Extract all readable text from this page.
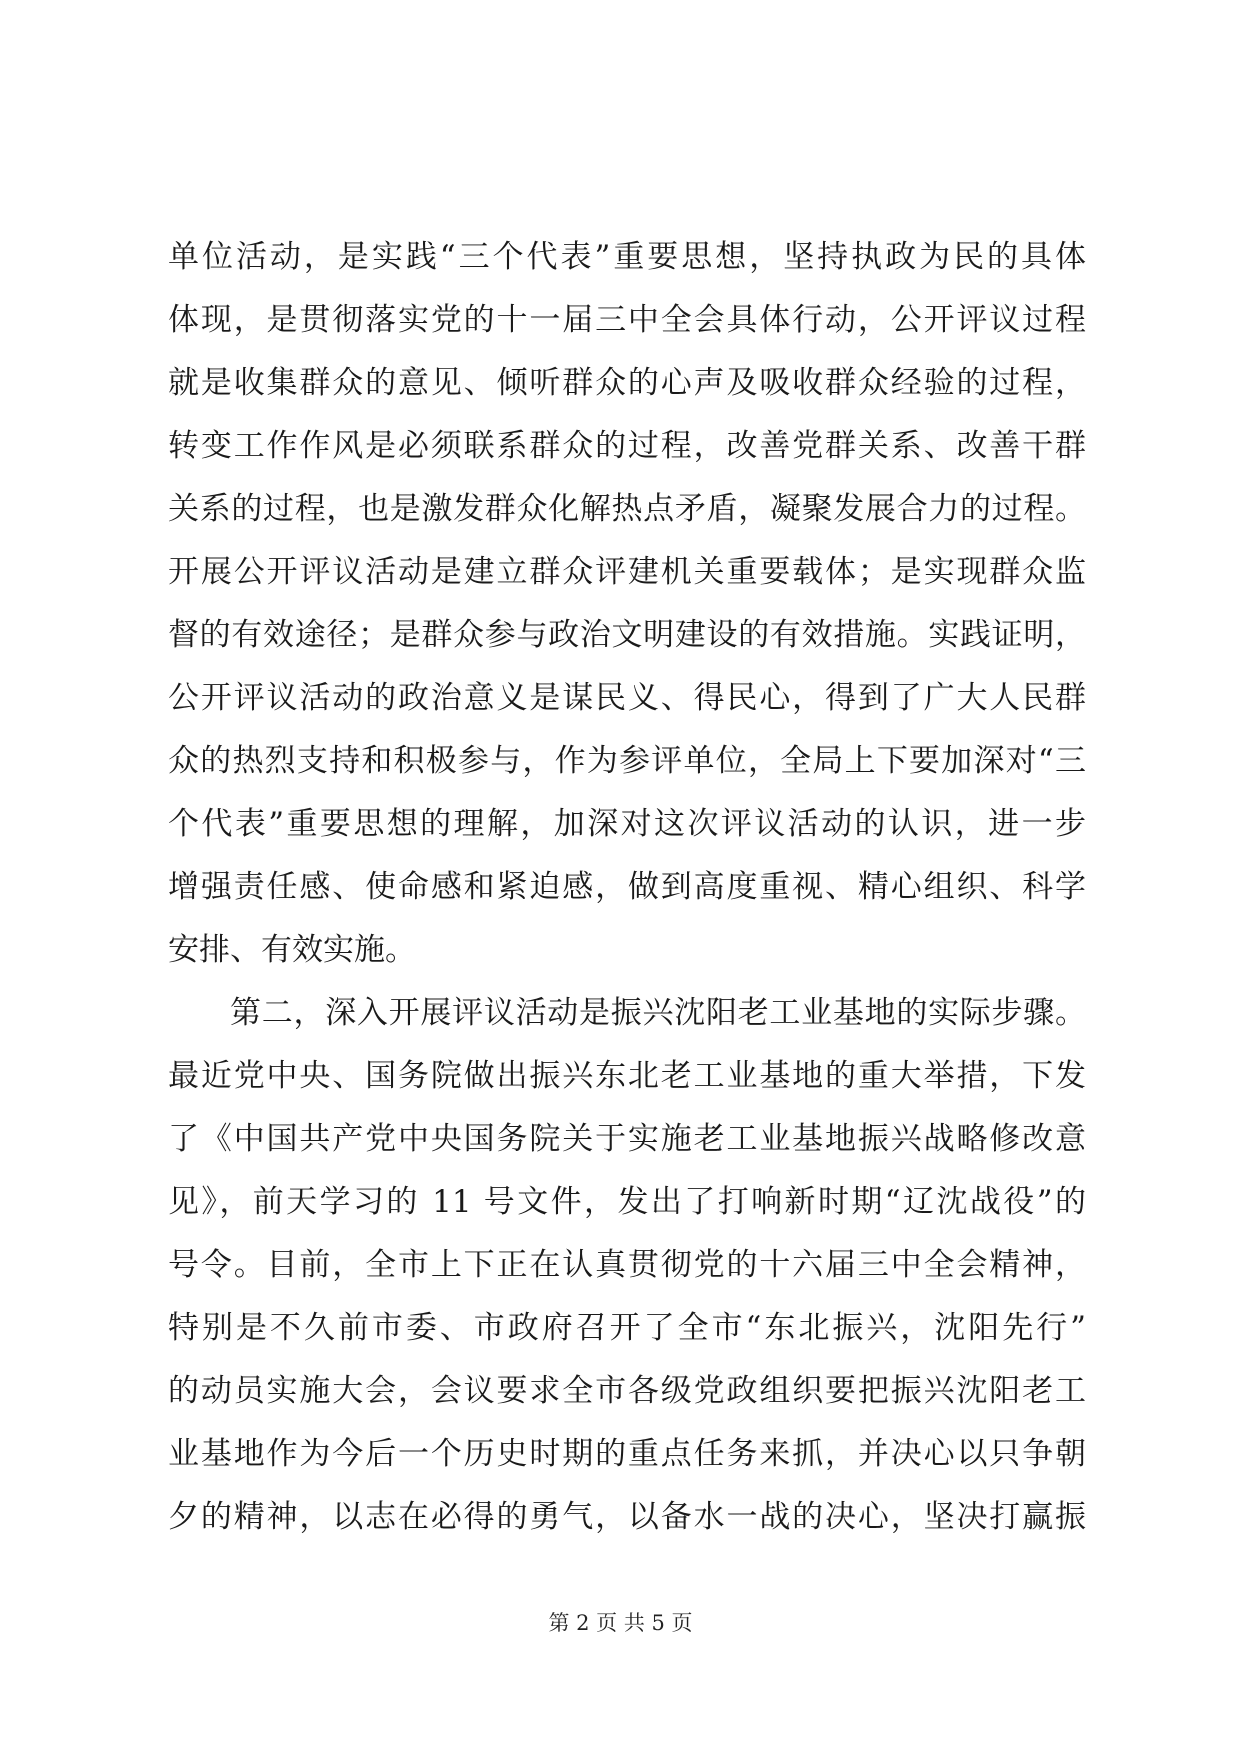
单位活动，是实践“三个代表”重要思想，坚持执政为民的具体
体现，是贯彻落实党的十一届三中全会具体行动，公开评议过程
就是收集群众的意见、倾听群众的心声及吸收群众经验的过程，
转变工作作风是必须联系群众的过程，改善党群关系、改善干群
关系的过程，也是激发群众化解热点矛盾，凝聚发展合力的过程。
开展公开评议活动是建立群众评建机关重要载体；是实现群众监
督的有效途径；是群众参与政治文明建设的有效措施。实践证明，
公开评议活动的政治意义是谋民义、得民心，得到了广大人民群
众的热烈支持和积极参与，作为参评单位，全局上下要加深对“三
个代表”重要思想的理解，加深对这次评议活动的认识，进一步
增强责任感、使命感和紧迫感，做到高度重视、精心组织、科学
安排、有效实施。
第二，深入开展评议活动是振兴沈阳老工业基地的实际步骤。
最近党中央、国务院做出振兴东北老工业基地的重大举措，下发
了《中国共产党中央国务院关于实施老工业基地振兴战略修改意
见》，前天学习的 11 号文件，发出了打响新时期“辽沈战役”的
号令。目前，全市上下正在认真贯彻党的十六届三中全会精神，
特别是不久前市委、市政府召开了全市“东北振兴，沈阳先行”
的动员实施大会，会议要求全市各级党政组织要把振兴沈阳老工
业基地作为今后一个历史时期的重点任务来抓，并决心以只争朝
夕的精神，以志在必得的勇气，以备水一战的决心，坚决打赢振
第 2 页 共 5 页
